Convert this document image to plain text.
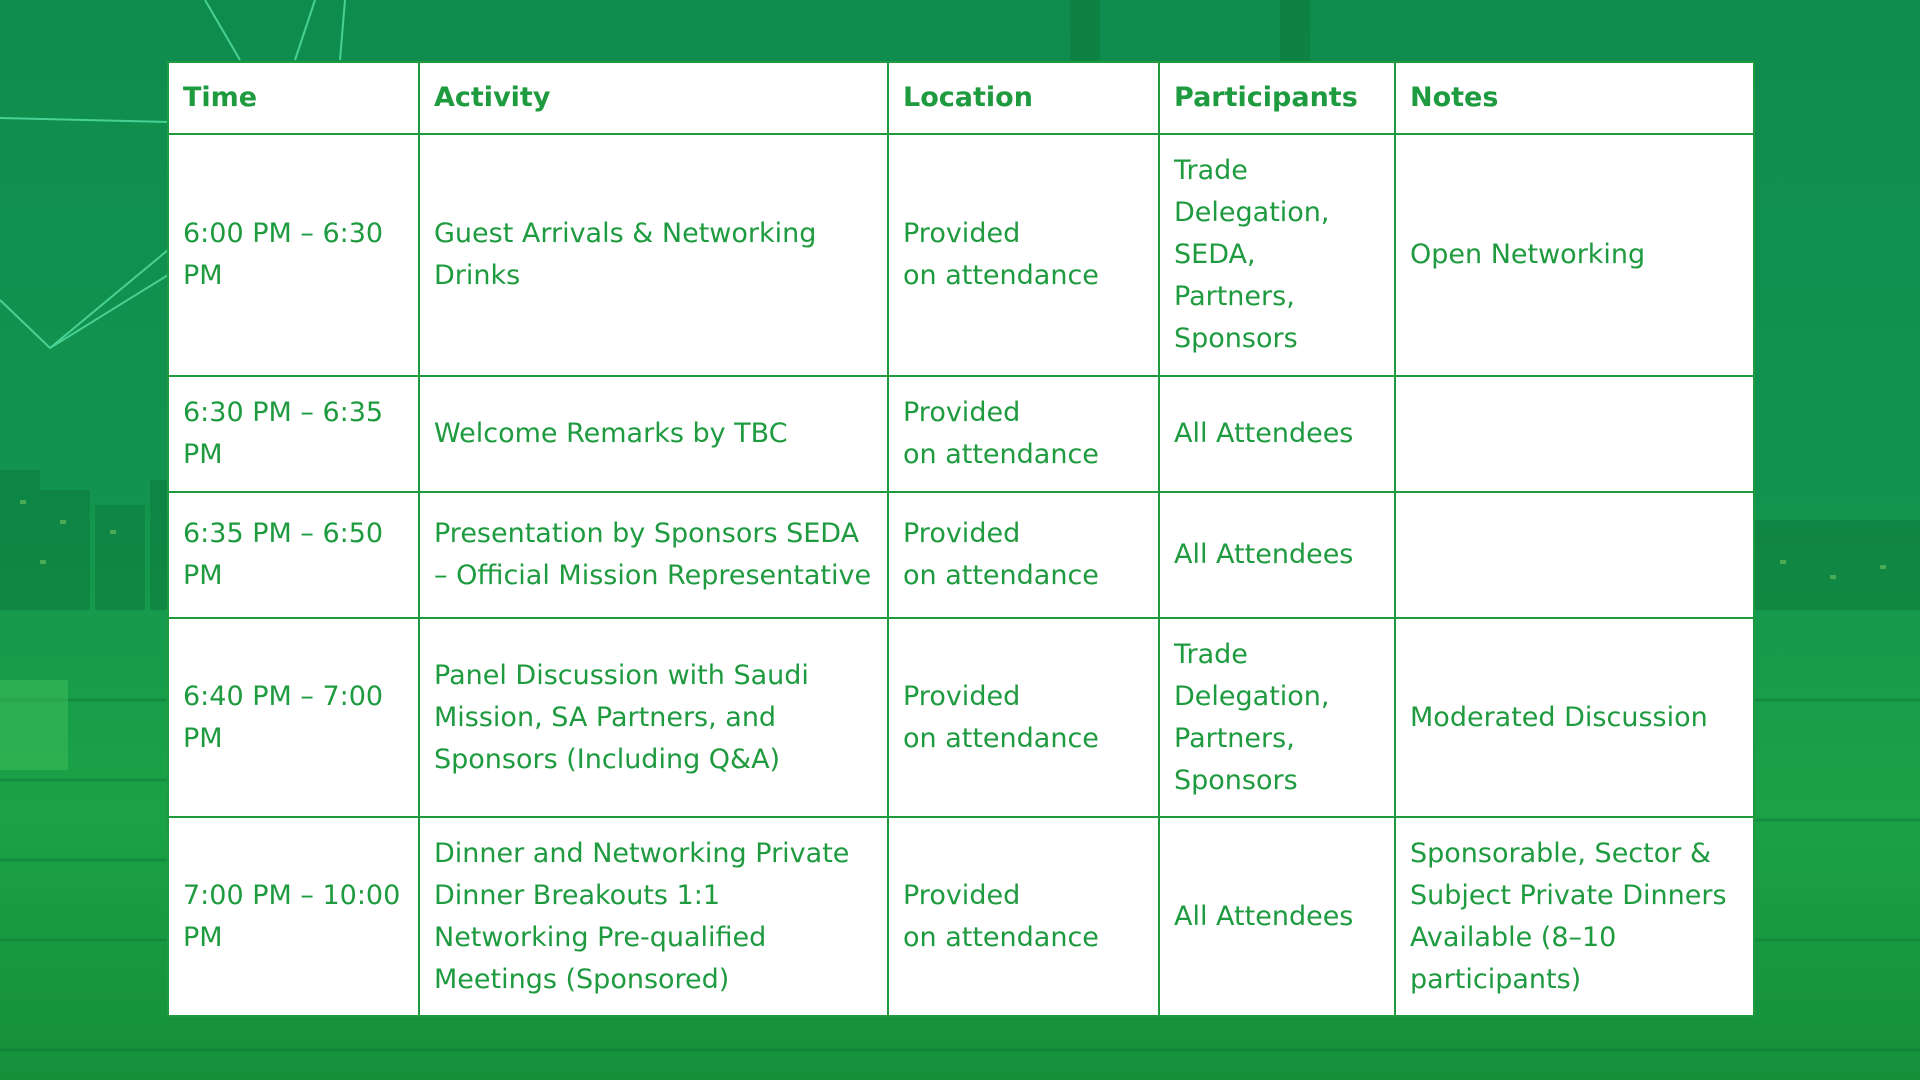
Time	Activity	Location	Participants	Notes
6:00 PM – 6:30 PM	Guest Arrivals & Networking Drinks	Provided
on attendance	Trade Delegation, SEDA, Partners, Sponsors	Open Networking
6:30 PM – 6:35 PM	Welcome Remarks by TBC	Provided
on attendance	All Attendees	
6:35 PM – 6:50 PM	Presentation by Sponsors SEDA – Official Mission Representative	Provided
on attendance	All Attendees	
6:40 PM – 7:00 PM	Panel Discussion with Saudi Mission, SA Partners, and Sponsors (Including Q&A)	Provided
on attendance	Trade Delegation, Partners, Sponsors	Moderated Discussion
7:00 PM – 10:00 PM	Dinner and Networking Private Dinner Breakouts 1:1 Networking Pre-qualified Meetings (Sponsored)	Provided
on attendance	All Attendees	Sponsorable, Sector & Subject Private Dinners Available (8–10 participants)
